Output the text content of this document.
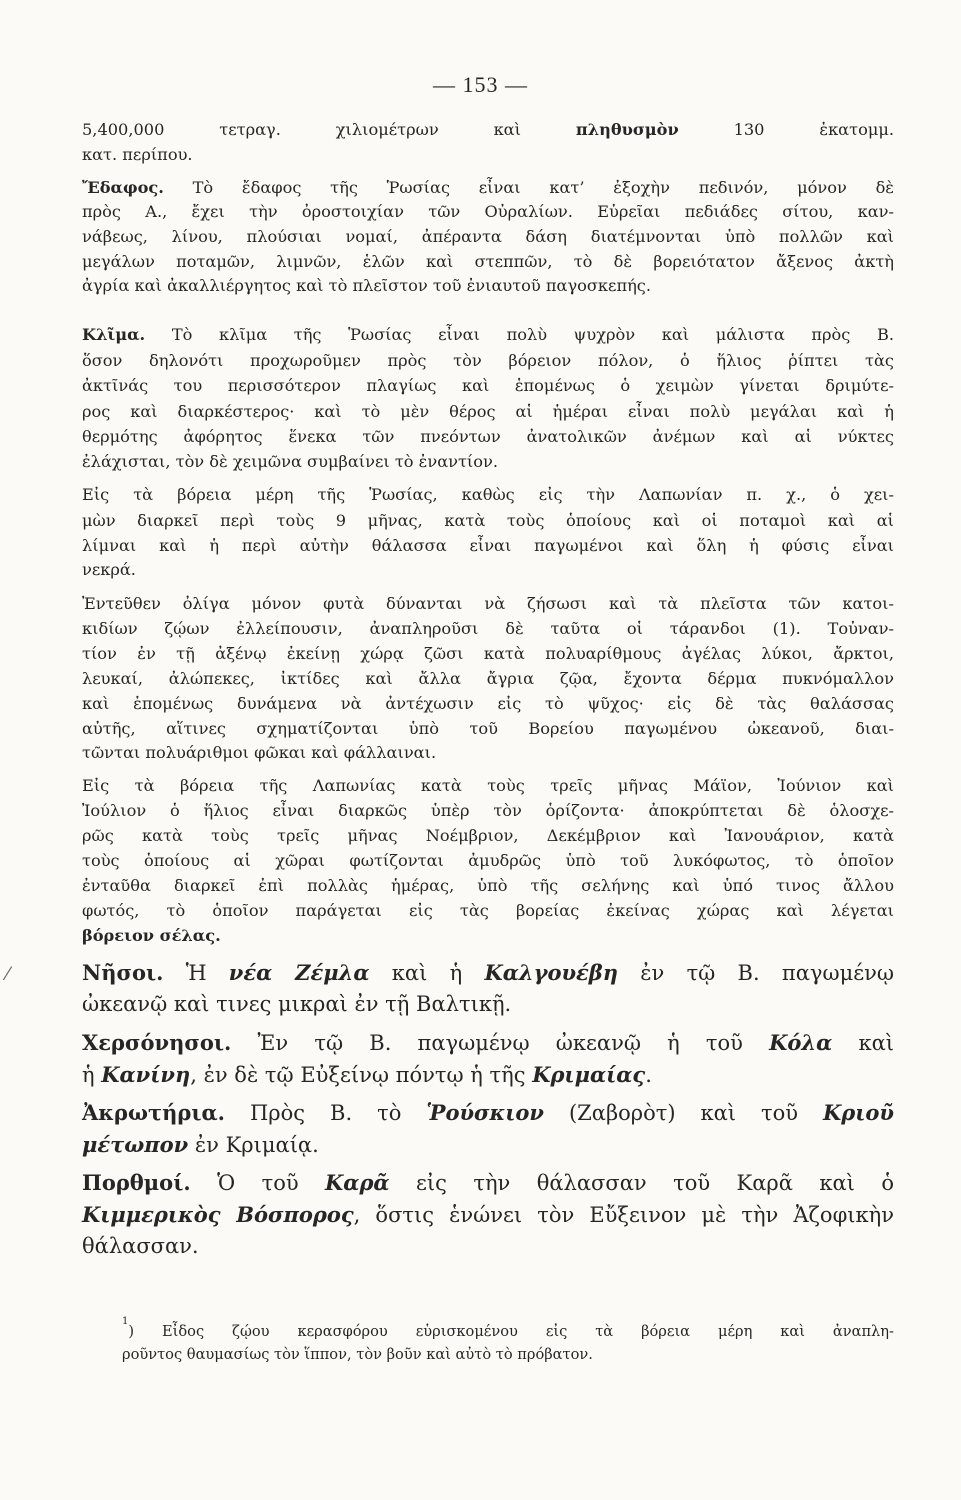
— 153 —
⁄
5,400,000 τετραγ. χιλιομέτρων καὶ πληθυσμὸν 130 ἑκατομμ.
κατ. περίπου.
Ἔδαφος. Τὸ ἔδαφος τῆς Ῥωσίας εἶναι κατ’ ἐξοχὴν πεδινόν, μόνον δὲ
πρὸς Α., ἔχει τὴν ὀροστοιχίαν τῶν Οὐραλίων. Εὐρεῖαι πεδιάδες σίτου, καν-
νάβεως, λίνου, πλούσιαι νομαί, ἀπέραντα δάση διατέμνονται ὑπὸ πολλῶν καὶ
μεγάλων ποταμῶν, λιμνῶν, ἑλῶν καὶ στεππῶν, τὸ δὲ βορειότατον ἄξενος ἀκτὴ
ἀγρία καὶ ἀκαλλιέργητος καὶ τὸ πλεῖστον τοῦ ἐνιαυτοῦ παγοσκεπής.
Κλῖμα. Τὸ κλῖμα τῆς Ῥωσίας εἶναι πολὺ ψυχρὸν καὶ μάλιστα πρὸς Β.
ὅσον δηλονότι προχωροῦμεν πρὸς τὸν βόρειον πόλον, ὁ ἥλιος ῥίπτει τὰς
ἀκτῖνάς του περισσότερον πλαγίως καὶ ἑπομένως ὁ χειμὼν γίνεται δριμύτε-
ρος καὶ διαρκέστερος· καὶ τὸ μὲν θέρος αἱ ἡμέραι εἶναι πολὺ μεγάλαι καὶ ἡ
θερμότης ἀφόρητος ἕνεκα τῶν πνεόντων ἀνατολικῶν ἀνέμων καὶ αἱ νύκτες
ἐλάχισται, τὸν δὲ χειμῶνα συμβαίνει τὸ ἐναντίον.
Εἰς τὰ βόρεια μέρη τῆς Ῥωσίας, καθὼς εἰς τὴν Λαπωνίαν π. χ., ὁ χει-
μὼν διαρκεῖ περὶ τοὺς 9 μῆνας, κατὰ τοὺς ὁποίους καὶ οἱ ποταμοὶ καὶ αἱ
λίμναι καὶ ἡ περὶ αὐτὴν θάλασσα εἶναι παγωμένοι καὶ ὅλη ἡ φύσις εἶναι
νεκρά.
Ἐντεῦθεν ὀλίγα μόνον φυτὰ δύνανται νὰ ζήσωσι καὶ τὰ πλεῖστα τῶν κατοι-
κιδίων ζῴων ἐλλείπουσιν, ἀναπληροῦσι δὲ ταῦτα οἱ τάρανδοι (1). Τοὐναν-
τίον ἐν τῇ ἀξένῳ ἐκείνῃ χώρᾳ ζῶσι κατὰ πολυαρίθμους ἀγέλας λύκοι, ἄρκτοι,
λευκαί, ἀλώπεκες, ἰκτίδες καὶ ἄλλα ἄγρια ζῷα, ἔχοντα δέρμα πυκνόμαλλον
καὶ ἑπομένως δυνάμενα νὰ ἀντέχωσιν εἰς τὸ ψῦχος· εἰς δὲ τὰς θαλάσσας
αὐτῆς, αἵτινες σχηματίζονται ὑπὸ τοῦ Βορείου παγωμένου ὠκεανοῦ, διαι-
τῶνται πολυάριθμοι φῶκαι καὶ φάλλαιναι.
Εἰς τὰ βόρεια τῆς Λαπωνίας κατὰ τοὺς τρεῖς μῆνας Μάϊον, Ἰούνιον καὶ
Ἰούλιον ὁ ἥλιος εἶναι διαρκῶς ὑπὲρ τὸν ὁρίζοντα· ἀποκρύπτεται δὲ ὁλοσχε-
ρῶς κατὰ τοὺς τρεῖς μῆνας Νοέμβριον, Δεκέμβριον καὶ Ἰανουάριον, κατὰ
τοὺς ὁποίους αἱ χῶραι φωτίζονται ἀμυδρῶς ὑπὸ τοῦ λυκόφωτος, τὸ ὁποῖον
ἐνταῦθα διαρκεῖ ἐπὶ πολλὰς ἡμέρας, ὑπὸ τῆς σελήνης καὶ ὑπό τινος ἄλλου
φωτός, τὸ ὁποῖον παράγεται εἰς τὰς βορείας ἐκείνας χώρας καὶ λέγεται
βόρειον σέλας.
Νῆσοι. Ἡ νέα Ζέμλα καὶ ἡ Καλγουέβη ἐν τῷ Β. παγωμένῳ
ὠκεανῷ καὶ τινες μικραὶ ἐν τῇ Βαλτικῇ.
Χερσόνησοι. Ἐν τῷ Β. παγωμένῳ ὠκεανῷ ἡ τοῦ Κόλα καὶ
ἡ Κανίνη, ἐν δὲ τῷ Εὐξείνῳ πόντῳ ἡ τῆς Κριμαίας.
Ἀκρωτήρια. Πρὸς Β. τὸ Ῥούσκιον (Ζαβορὸτ) καὶ τοῦ Κριοῦ
μέτωπον ἐν Κριμαίᾳ.
Πορθμοί. Ὁ τοῦ Καρᾶ εἰς τὴν θάλασσαν τοῦ Καρᾶ καὶ ὁ
Κιμμερικὸς Βόσπορος, ὅστις ἑνώνει τὸν Εὔξεινον μὲ τὴν Ἀζοφικὴν
θάλασσαν.
$^1$) Εἶδος ζῴου κερασφόρου εὑρισκομένου εἰς τὰ βόρεια μέρη καὶ ἀναπλη-
ροῦντος θαυμασίως τὸν ἵππον, τὸν βοῦν καὶ αὐτὸ τὸ πρόβατον.
